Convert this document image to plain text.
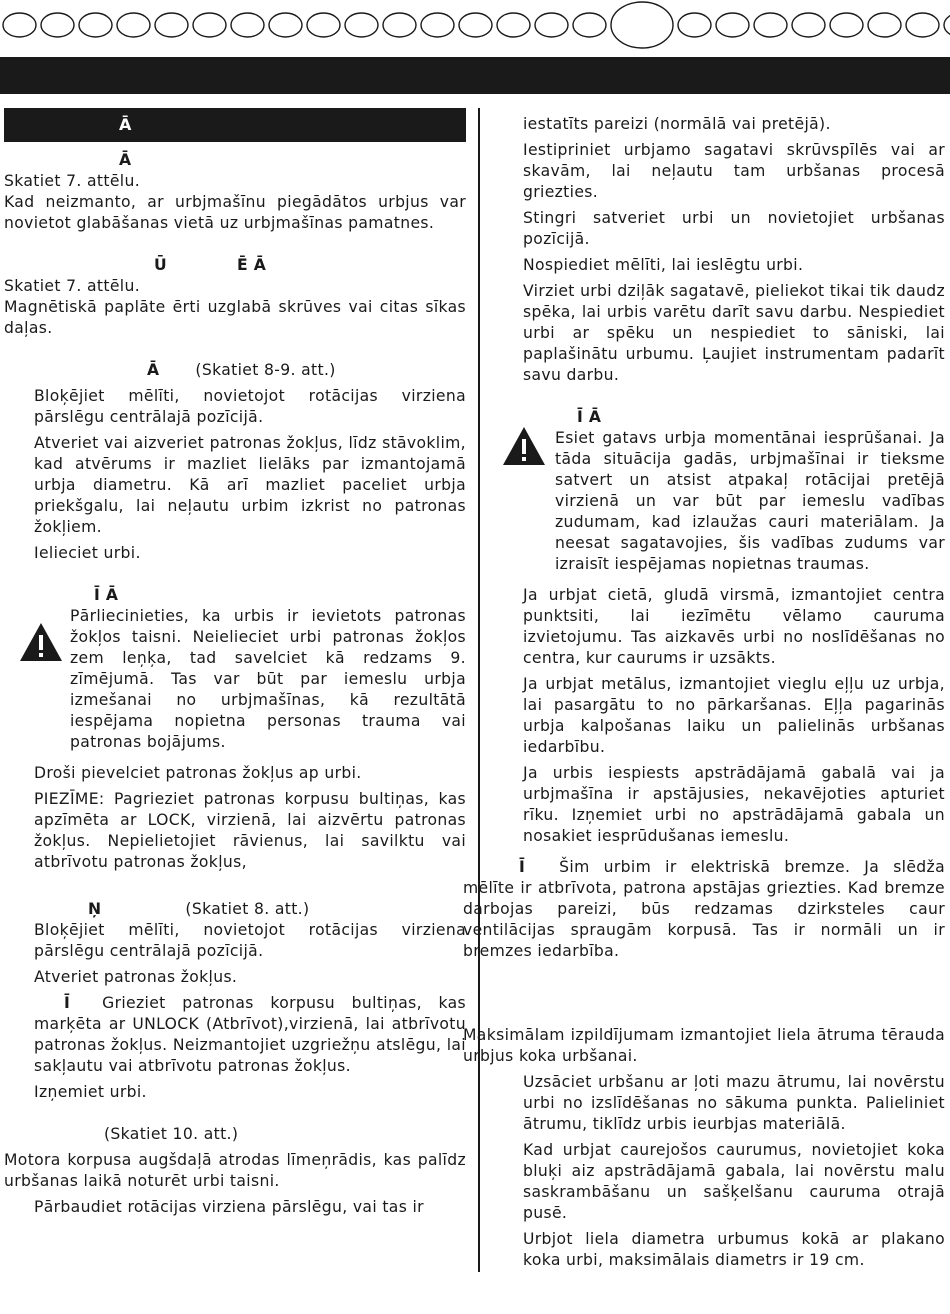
Ā

Ā

Skatiet 7. attēlu.

Kad neizmanto, ar urbjmašīnu piegādātos urbjus var novietot glabāšanas vietā uz urbjmašīnas pamatnes.

Ū	Ē Ā

Skatiet 7. attēlu.

Magnētiskā paplāte ērti uzglabā skrūves vai citas sīkas daļas.

Ā (Skatiet 8-9. att.)

Bloķējiet mēlīti, novietojot rotācijas virziena pārslēgu centrālajā pozīcijā.

Atveriet vai aizveriet patronas žokļus, līdz stāvoklim, kad atvērums ir mazliet lielāks par izmantojamā urbja diametru. Kā arī mazliet paceliet urbja priekšgalu, lai neļautu urbim izkrist no patronas žokļiem.

Ielieciet urbi.

Ī Ā

Pārliecinieties, ka urbis ir ievietots patronas žokļos taisni. Neielieciet urbi patronas žokļos zem leņķa, tad savelciet kā redzams 9. zīmējumā. Tas var būt par iemeslu urbja izmešanai no urbjmašīnas, kā rezultātā iespējama nopietna personas trauma vai patronas bojājums.

Droši pievelciet patronas žokļus ap urbi.

PIEZĪME: Pagrieziet patronas korpusu bultiņas, kas apzīmēta ar LOCK, virzienā, lai aizvērtu patronas žokļus. Nepielietojiet rāvienus, lai savilktu vai atbrīvotu patronas žokļus,

Ņ	(Skatiet 8. att.)

Bloķējiet mēlīti, novietojot rotācijas virziena pārslēgu centrālajā pozīcijā.

Atveriet patronas žokļus.

Ī Grieziet patronas korpusu bultiņas, kas marķēta ar UNLOCK (Atbrīvot),virzienā, lai atbrīvotu patronas žokļus. Neizmantojiet uzgriežņu atslēgu, lai sakļautu vai atbrīvotu patronas žokļus.

Izņemiet urbi.

(Skatiet 10. att.)

Motora korpusa augšdaļā atrodas līmeņrādis, kas palīdz urbšanas laikā noturēt urbi taisni.

Pārbaudiet rotācijas virziena pārslēgu, vai tas ir

iestatīts pareizi (normālā vai pretējā).

Iestipriniet urbjamo sagatavi skrūvspīlēs vai ar skavām, lai neļautu tam urbšanas procesā griezties.

Stingri satveriet urbi un novietojiet urbšanas pozīcijā.

Nospiediet mēlīti, lai ieslēgtu urbi.

Virziet urbi dziļāk sagatavē, pieliekot tikai tik daudz spēka, lai urbis varētu darīt savu darbu. Nespiediet urbi ar spēku un nespiediet to sāniski, lai paplašinātu urbumu. Ļaujiet instrumentam padarīt savu darbu.

Ī Ā

Esiet gatavs urbja momentānai iesprūšanai. Ja tāda situācija gadās, urbjmašīnai ir tieksme satvert un atsist atpakaļ rotācijai pretējā virzienā un var būt par iemeslu vadības zudumam, kad izlaužas cauri materiālam. Ja neesat sagatavojies, šis vadības zudums var izraisīt iespējamas nopietnas traumas.

Ja urbjat cietā, gludā virsmā, izmantojiet centra punktsiti, lai iezīmētu vēlamo cauruma izvietojumu. Tas aizkavēs urbi no noslīdēšanas no centra, kur caurums ir uzsākts.

Ja urbjat metālus, izmantojiet vieglu eļļu uz urbja, lai pasargātu to no pārkaršanas. Eļļa pagarinās urbja kalpošanas laiku un palielinās urbšanas iedarbību.

Ja urbis iespiests apstrādājamā gabalā vai ja urbjmašīna ir apstājusies, nekavējoties apturiet rīku. Izņemiet urbi no apstrādājamā gabala un nosakiet iesprūdušanas iemeslu.

Ī Šim urbim ir elektriskā bremze. Ja slēdža mēlīte ir atbrīvota, patrona apstājas griezties. Kad bremze darbojas pareizi, būs redzamas dzirksteles caur ventilācijas spraugām korpusā. Tas ir normāli un ir bremzes iedarbība.

Maksimālam izpildījumam izmantojiet liela ātruma tērauda urbjus koka urbšanai.

Uzsāciet urbšanu ar ļoti mazu ātrumu, lai novērstu urbi no izslīdēšanas no sākuma punkta. Palieliniet ātrumu, tiklīdz urbis ieurbjas materiālā.

Kad urbjat caurejošos caurumus, novietojiet koka bluķi aiz apstrādājamā gabala, lai novērstu malu saskrambāšanu un sašķelšanu cauruma otrajā pusē.

Urbjot liela diametra urbumus kokā ar plakano koka urbi, maksimālais diametrs ir 19 cm.
